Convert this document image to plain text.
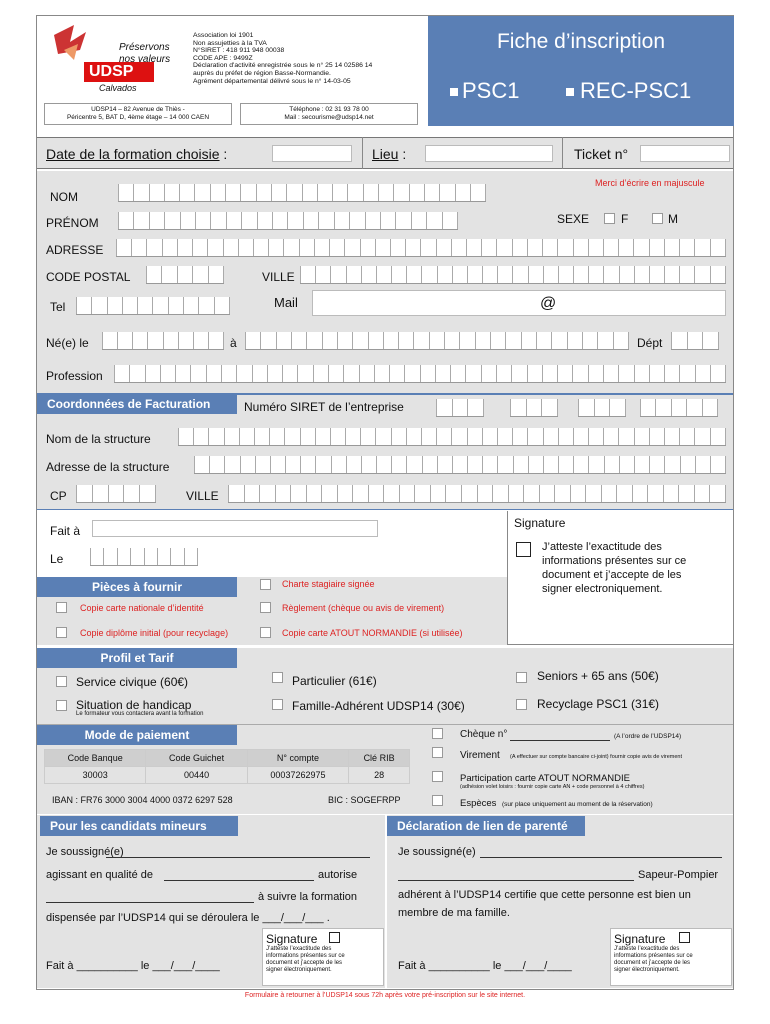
Préservons
nos valeurs
UDSP
Calvados
Association loi 1901
Non assujetties à la TVA
N°SIRET : 418 911 948 00038
CODE APE : 9499Z
Déclaration d'activité enregistrée sous le n° 25 14 02586 14
auprès du préfet de région Basse-Normandie.
Agrément départemental délivré sous le n° 14-03-05
UDSP14 – 82 Avenue de Thiès -
Péricentre 5, BAT D, 4ème étage – 14 000 CAEN
Téléphone : 02 31 93 78 00
Mail : secourisme@udsp14.net
Fiche d’inscription
PSC1	REC-PSC1
Date de la formation choisie :	Lieu :	Ticket n°
Merci d’écrire en majuscule
NOM
PRÉNOM	SEXE	F	M
ADRESSE
CODE POSTAL	VILLE
Tel	Mail	@
Né(e) le	à	Dépt
Profession
Coordonnées de Facturation	Numéro SIRET de l’entreprise
Nom de la structure
Adresse de la structure
CP	VILLE
Fait à
Le
Signature
J’atteste l’exactitude des
informations présentes sur ce
document et j’accepte de les
signer electroniquement.
Pièces à fournir	Charte stagiaire signée
Copie carte nationale d’identité	Règlement (chèque ou avis de virement)
Copie diplôme initial (pour recyclage)	Copie carte ATOUT NORMANDIE (si utilisée)
Profil et Tarif
Service civique (60€)	Particulier (61€)	Seniors + 65 ans (50€)
Situation de handicap
Le formateur vous contactera avant la formation
Famille-Adhérent UDSP14 (30€)	Recyclage PSC1 (31€)
Mode de paiement
Code Banque	Code Guichet	N° compte	Clé RIB
30003	00440	00037262975	28
IBAN : FR76 3000 3004 4000 0372 6297 528	BIC : SOGEFRPP
Chèque n°	(A l’ordre de l’UDSP14)
Virement (A effectuer sur compte bancaire ci-joint) fournir copie avis de virement
Participation carte ATOUT NORMANDIE
(adhésion volet loisirs : fournir copie carte AN + code personnel à 4 chiffres)
Espèces (sur place uniquement au moment de la réservation)
Pour les candidats mineurs
Je soussigné(e)
agissant en qualité de	autorise
à suivre la formation
dispensée par l’UDSP14 qui se déroulera le ___/___/___ .
Fait à __________ le ___/___/____
Signature
J’atteste l’exactitude des
informations présentes sur ce
document et j’accepte de les
signer électroniquement.
Déclaration de lien de parenté
Je soussigné(e)
Sapeur-Pompier
adhérent à l’UDSP14 certifie que cette personne est bien un
membre de ma famille.
Fait à __________ le ___/___/____
Signature
J’atteste l’exactitude des
informations présentes sur ce
document et j’accepte de les
signer électroniquement.
Formulaire à retourner à l’UDSP14 sous 72h après votre pré-inscription sur le site internet.
